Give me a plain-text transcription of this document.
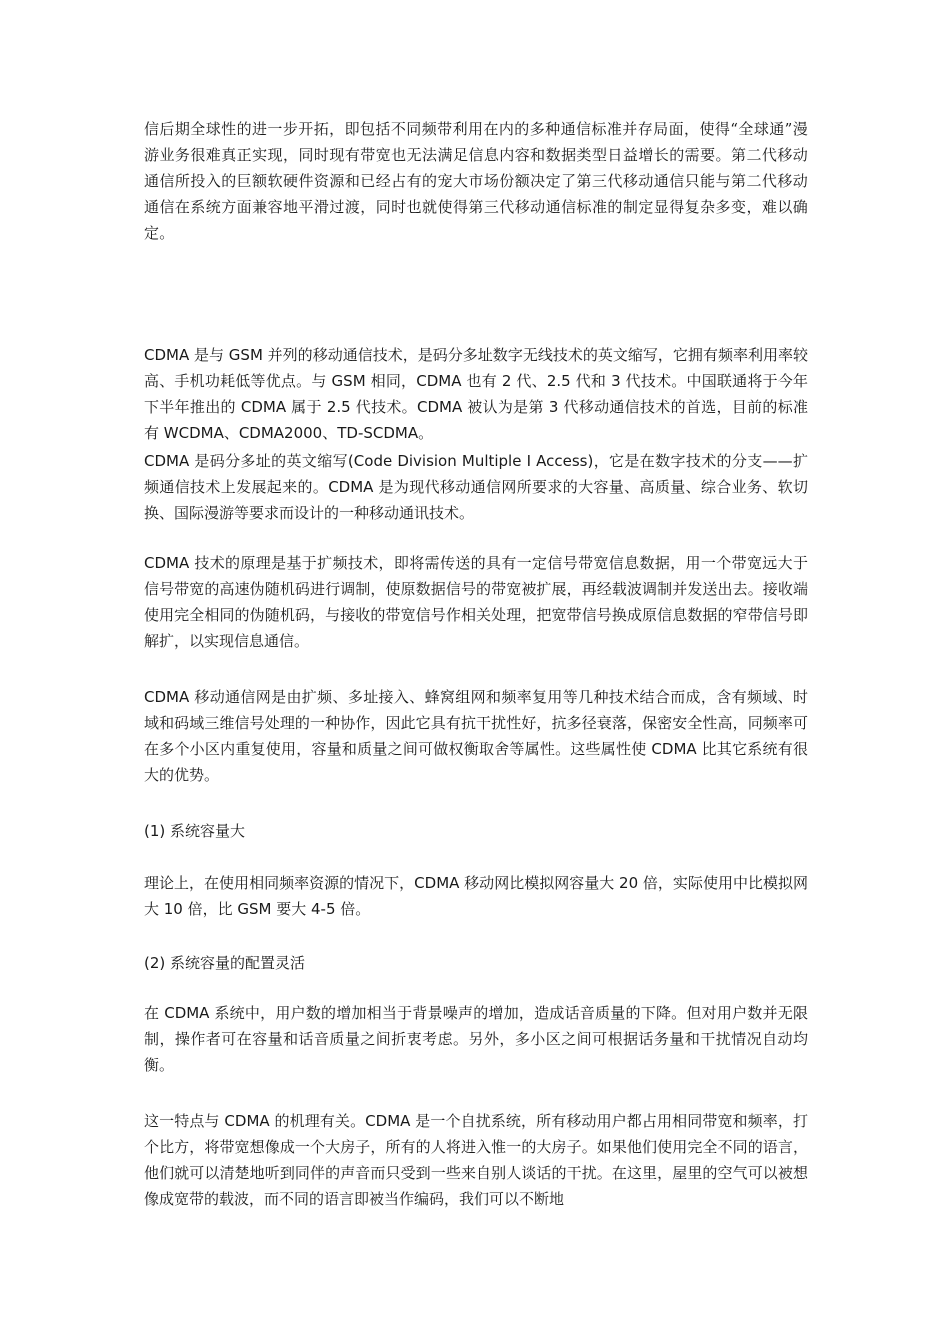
信后期全球性的进一步开拓，即包括不同频带利用在内的多种通信标准并存局面，使得“全球通”漫游业务很难真正实现，同时现有带宽也无法满足信息内容和数据类型日益增长的需要。第二代移动通信所投入的巨额软硬件资源和已经占有的宠大市场份额决定了第三代移动通信只能与第二代移动通信在系统方面兼容地平滑过渡，同时也就使得第三代移动通信标准的制定显得复杂多变，难以确定。

CDMA 是与 GSM 并列的移动通信技术，是码分多址数字无线技术的英文缩写，它拥有频率利用率较高、手机功耗低等优点。与 GSM 相同，CDMA 也有 2 代、2.5 代和 3 代技术。中国联通将于今年下半年推出的 CDMA 属于 2.5 代技术。CDMA 被认为是第 3 代移动通信技术的首选，目前的标准有 WCDMA、CDMA2000、TD-SCDMA。

CDMA 是码分多址的英文缩写(Code Division Multiple I Access)，它是在数字技术的分支——扩频通信技术上发展起来的。CDMA 是为现代移动通信网所要求的大容量、高质量、综合业务、软切换、国际漫游等要求而设计的一种移动通讯技术。

CDMA 技术的原理是基于扩频技术，即将需传送的具有一定信号带宽信息数据，用一个带宽远大于信号带宽的高速伪随机码进行调制，使原数据信号的带宽被扩展，再经载波调制并发送出去。接收端使用完全相同的伪随机码，与接收的带宽信号作相关处理，把宽带信号换成原信息数据的窄带信号即解扩，以实现信息通信。

CDMA 移动通信网是由扩频、多址接入、蜂窝组网和频率复用等几种技术结合而成，含有频域、时域和码域三维信号处理的一种协作，因此它具有抗干扰性好，抗多径衰落，保密安全性高，同频率可在多个小区内重复使用，容量和质量之间可做权衡取舍等属性。这些属性使 CDMA 比其它系统有很大的优势。

(1) 系统容量大

理论上，在使用相同频率资源的情况下，CDMA 移动网比模拟网容量大 20 倍，实际使用中比模拟网大 10 倍，比 GSM 要大 4-5 倍。

(2) 系统容量的配置灵活

在 CDMA 系统中，用户数的增加相当于背景噪声的增加，造成话音质量的下降。但对用户数并无限制，操作者可在容量和话音质量之间折衷考虑。另外，多小区之间可根据话务量和干扰情况自动均衡。

这一特点与 CDMA 的机理有关。CDMA 是一个自扰系统，所有移动用户都占用相同带宽和频率，打个比方，将带宽想像成一个大房子，所有的人将进入惟一的大房子。如果他们使用完全不同的语言，他们就可以清楚地听到同伴的声音而只受到一些来自别人谈话的干扰。在这里，屋里的空气可以被想像成宽带的载波，而不同的语言即被当作编码，我们可以不断地
